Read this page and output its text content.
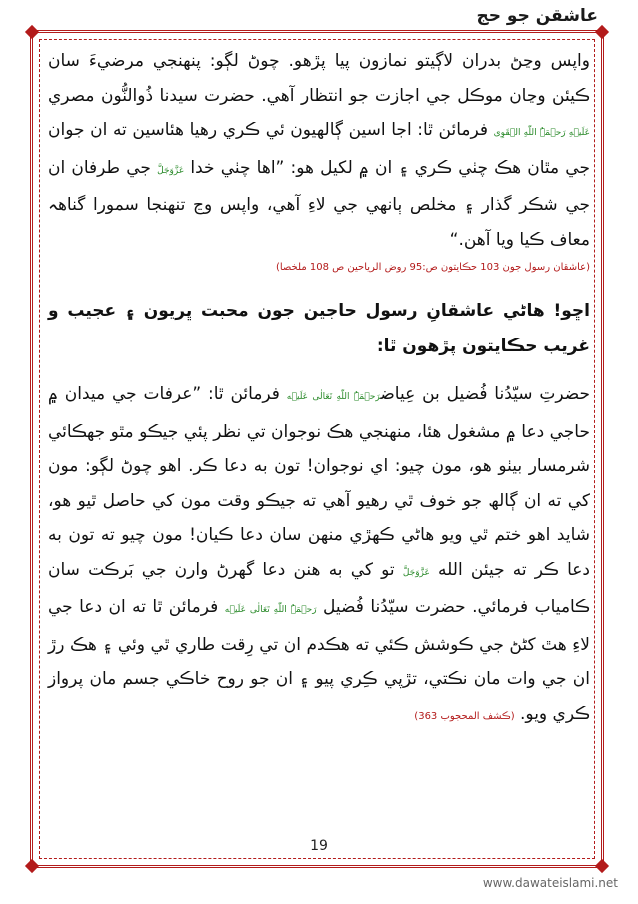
عاشقن جو حج

واپس وڃڻ بدران لاڳيتو نمازون پيا پڙهو. چوڻ لڳو: پنهنجي مرضيءَ سان ڪيئن وڃان موڪل جي اجازت جو انتظار آهي. حضرت سيدنا ذُوالنُّون مصري عَلَيۡهِ رَحۡمَۃُ اللّٰهِ الۡقَوِی فرمائن ٿا: اجا اسين ڳالهيون ئي ڪري رهيا هئاسين ته ان جوان جي مٿان هڪ چٺي ڪري ۽ ان ۾ لکيل هو: ”اها چٺي خدا عَزَّوَجَلَّ جي طرفان ان جي شڪر گذار ۽ مخلص ٻانهي جي لاءِ آهي، واپس وڃ تنهنجا سمورا گناهہ معاف ڪيا ويا آهن.“

(عاشقان رسول جون 103 حڪايتون ص:95 روض الرياحين ص 108 ملخصا)

اڇو! هاڻي عاشقانِ رسول حاجين جون محبت ڀريون ۽ عجيب و غريب حڪايتون پڙهون ٿا:

حضرتِ سيّدُنا فُضيل بن عِياضرَحۡمَۃُ اللّٰهِ تَعَالٰی عَلَيۡه فرمائن ٿا: ”عرفات جي ميدان ۾ حاجي دعا ۾ مشغول هئا، منهنجي هڪ نوجوان تي نظر پئي جيڪو مٿو جهڪائي شرمسار بيٺو هو، مون چيو: اي نوجوان! تون به دعا ڪر. اهو چوڻ لڳو: مون کي ته ان ڳالھ جو خوف ٿي رهيو آهي ته جيڪو وقت مون کي حاصل ٿيو هو، شايد اهو ختم ٿي ويو هاڻي ڪهڙي منهن سان دعا ڪيان! مون چيو ته تون به دعا ڪر ته جيئن الله عَزَّوَجَلَّ تو کي به هنن دعا گهرڻ وارن جي بَرڪت سان ڪامياب فرمائي. حضرت سيّدُنا فُضيل رَحۡمَۃُ اللّٰهِ تَعَالٰی عَلَيۡه فرمائن ٿا ته ان دعا جي لاءِ هٿ کڻڻ جي ڪوشش ڪئي ته هڪدم ان تي رِقت طاري ٿي وئي ۽ هڪ رڙ ان جي وات مان نڪتي، تڙپي ڪِري پيو ۽ ان جو روح خاڪي جسم مان پرواز ڪري ويو. (ڪشف المحجوب 363)

19
www.dawateislami.net
